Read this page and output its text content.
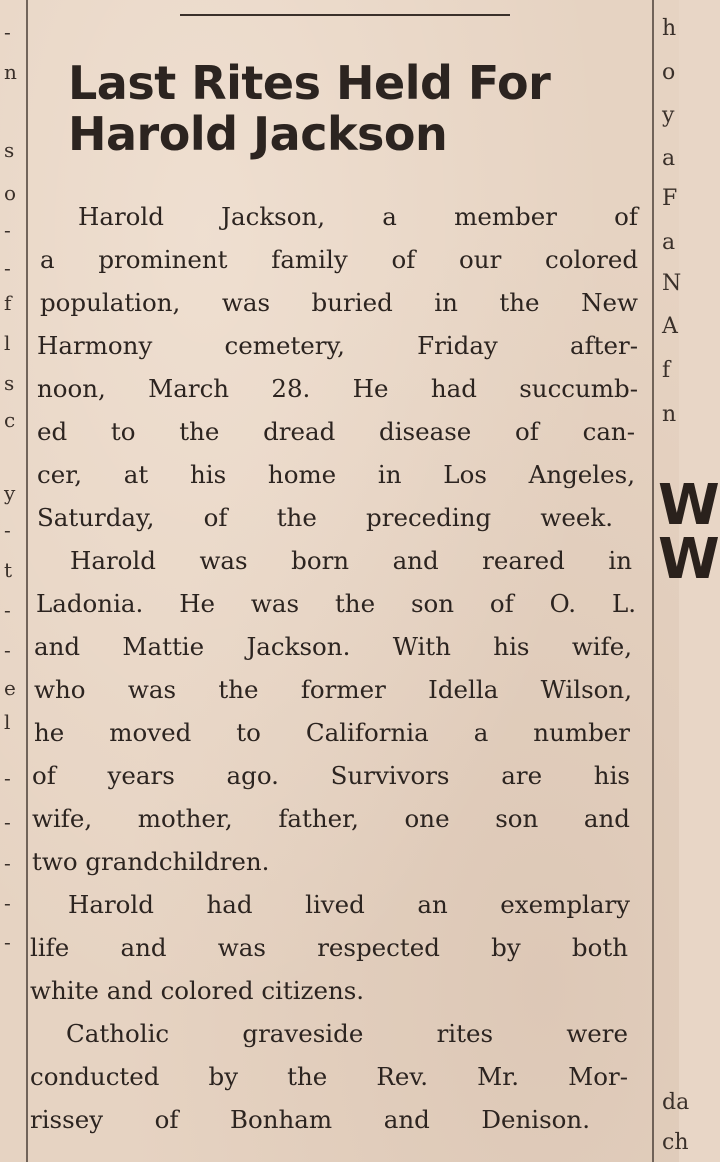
-
n
s
o
-
-
f
l
s
c
y
-
t
-
-
e
l
-
-
-
-
-
h
o
y
a
F
a
N
A
f
n
W
W
da
ch
Last Rites Held For
Harold Jackson
Harold Jackson, a member of
a prominent family of our colored
population, was buried in the New
Harmony cemetery, Friday after-
noon, March 28. He had succumb-
ed to the dread disease of can-
cer, at his home in Los Angeles,
Saturday, of the preceding week.
Harold was born and reared in
Ladonia. He was the son of O. L.
and Mattie Jackson. With his wife,
who was the former Idella Wilson,
he moved to California a number
of years ago. Survivors are his
wife, mother, father, one son and
two grandchildren.
Harold had lived an exemplary
life and was respected by both
white and colored citizens.
Catholic graveside rites were
conducted by the Rev. Mr. Mor-
rissey of Bonham and Denison.
